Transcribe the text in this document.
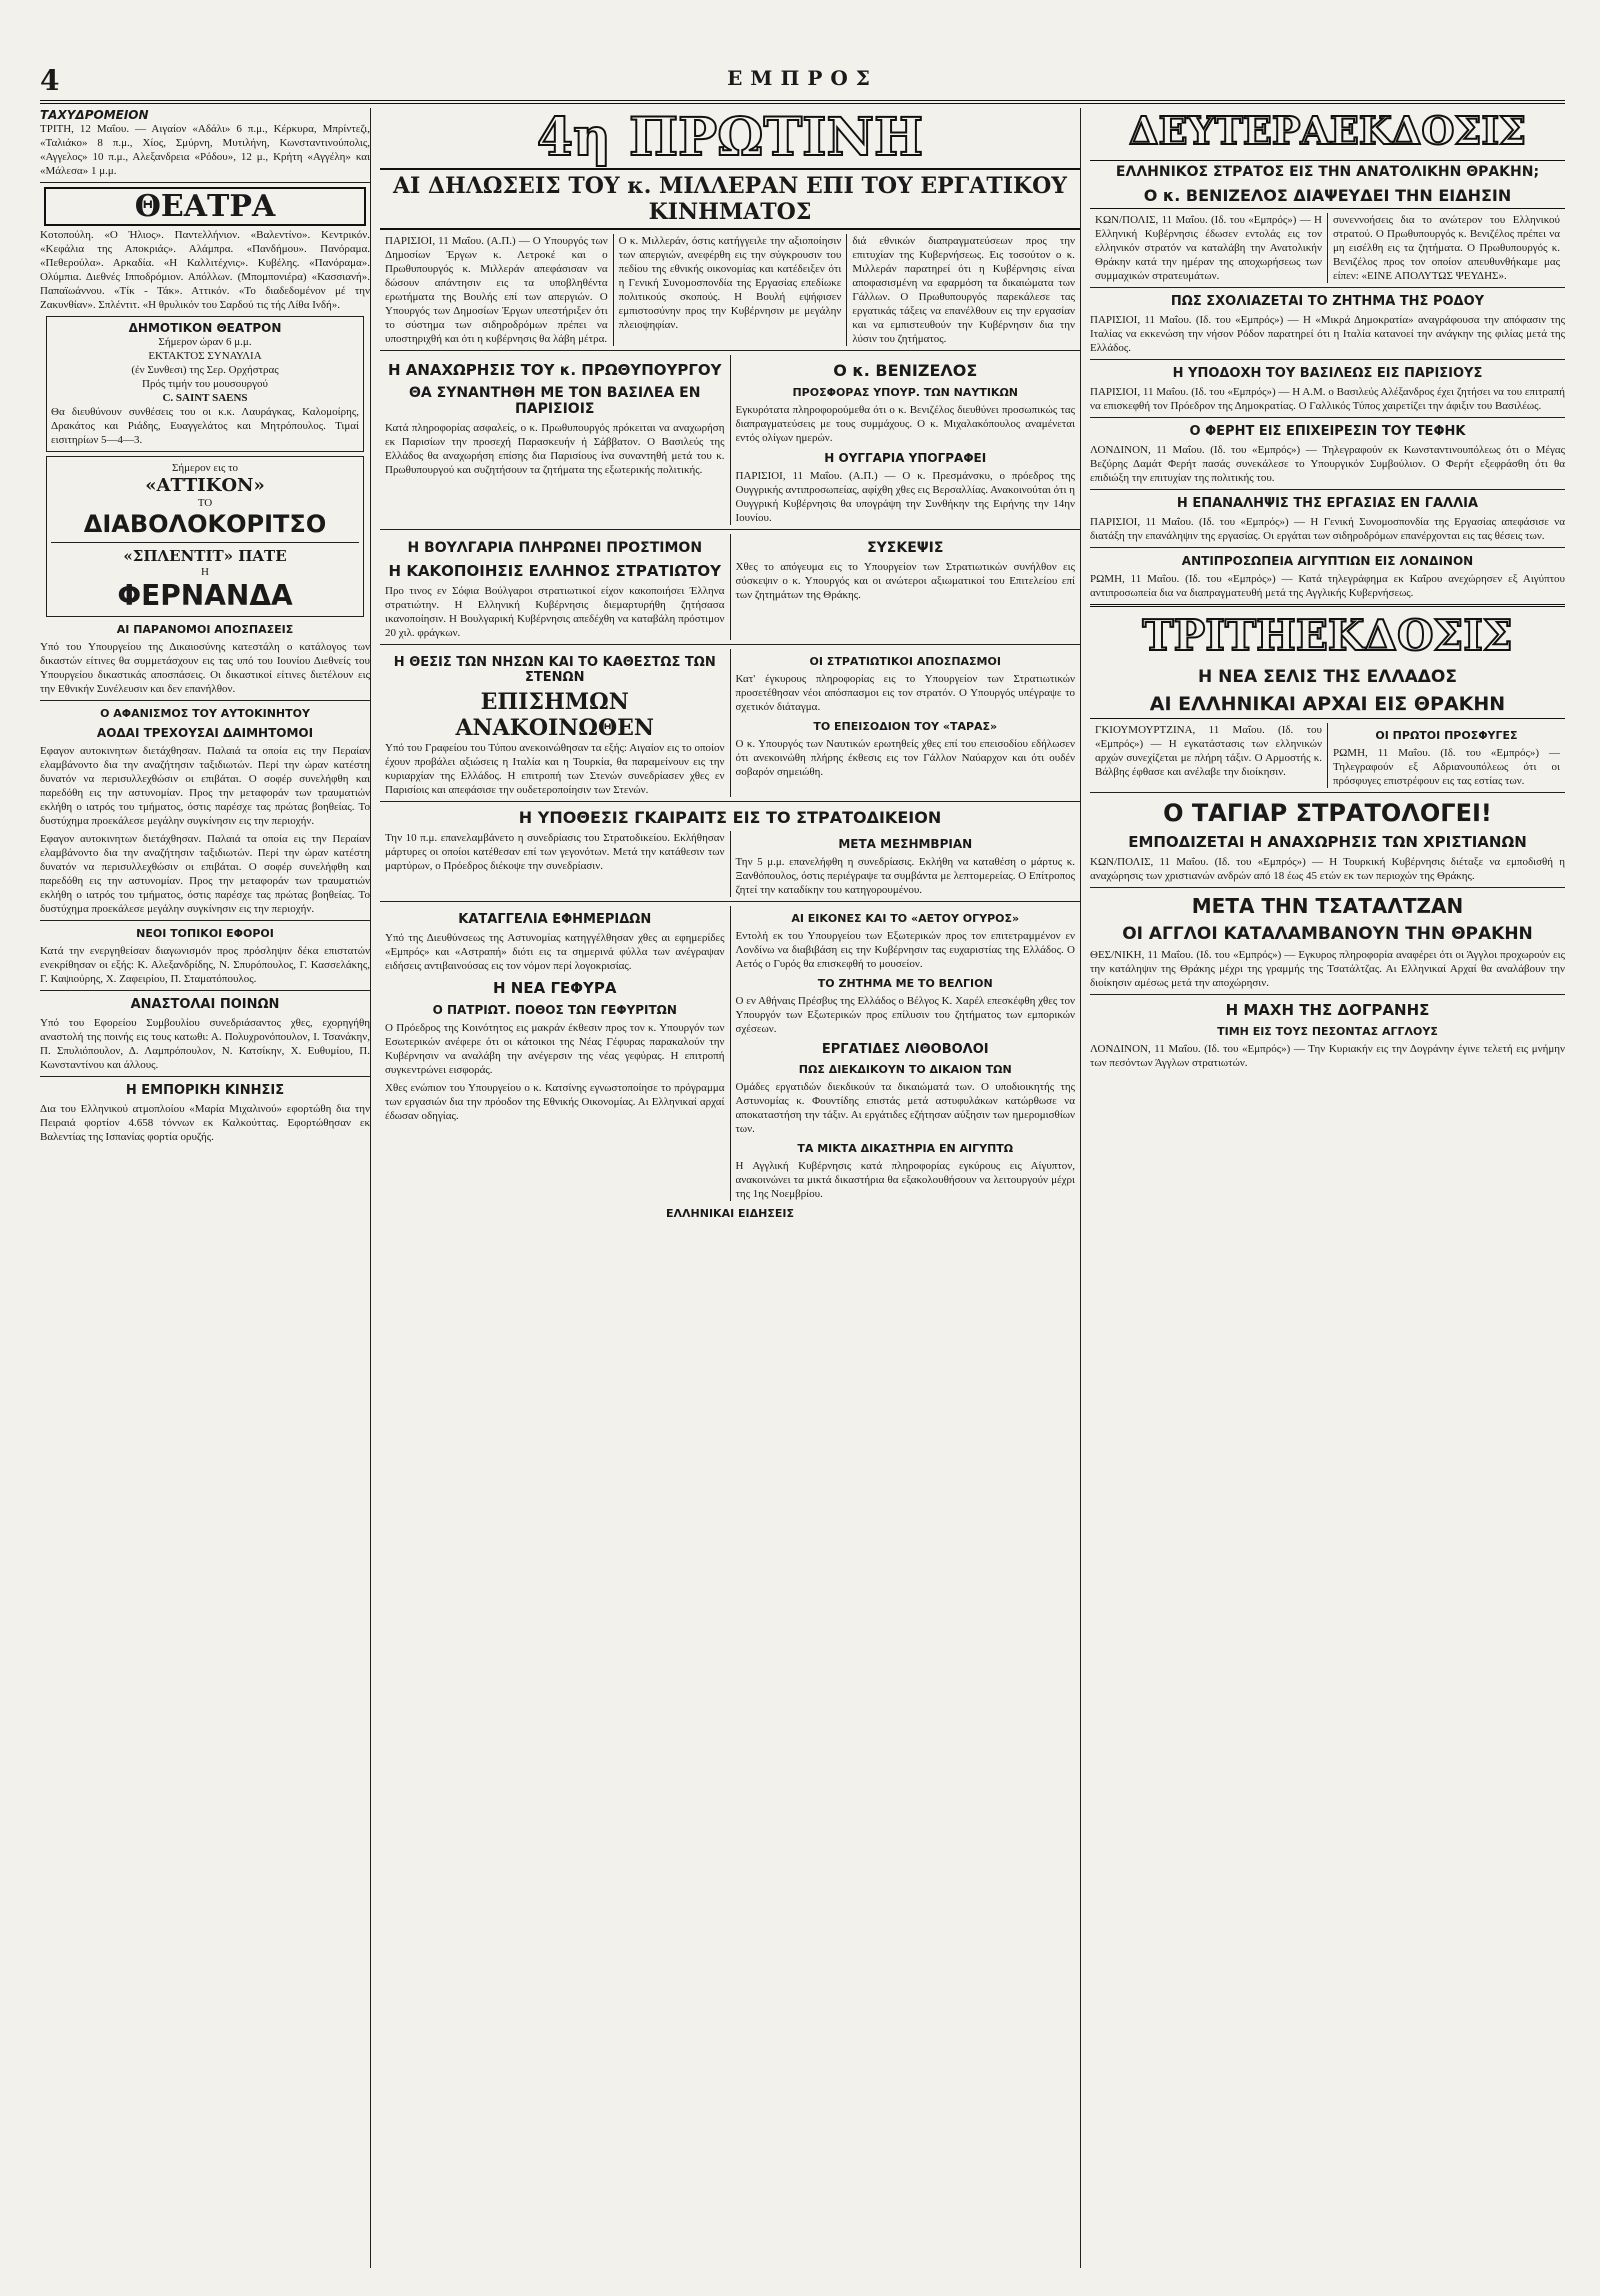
4	ΕΜΠΡΟΣ
ΤΑΧΥΔΡΟΜΕΙΟΝ
ΤΡΙΤΗ, 12 Μαΐου. — Αιγαίον «Αδάλι» 6 π.μ., Κέρκυρα, Μπρίντεζι, «Ταλιάκο» 8 π.μ., Χίος, Σμύρνη, Μυτιλήνη, Κωνσταντινούπολις, «Αγγελος» 10 π.μ., Αλεξανδρεια «Ρόδου», 12 μ., Κρήτη «Αγγέλη» και «Μάλεσα» 1 μ.μ.
ΘΕΑΤΡΑ
Κοτοπούλη. «Ο Ήλιος». Παντελλήνιον. «Βαλεντίνο». Κεντρικόν. «Κεφάλια της Αποκριάς». Αλάμπρα. «Πανδήμου». Πανόραμα. «Πεθερούλα». Αρκαδία. «Η Καλλιτέχνις». Κυβέλης. «Πανόραμα». Ολύμπια. Διεθνές Ιπποδρόμιον. Απόλλων. (Μπομπονιέρα) «Κασσιανή». Παπαϊωάννου. «Τίκ - Τάκ». Αττικόν. «Το διαδεδομένον μέ την Ζακυνθίαν». Σπλέντιτ. «Η θρυλικόν του Σαρδού τις τής Λίθα Ινδή».
ΔΗΜΟΤΙΚΟΝ ΘΕΑΤΡΟΝ
Σήμερον ώραν 6 μ.μ.
ΕΚΤΑΚΤΟΣ ΣΥΝΑΥΛΙΑ
(ἐν Συνθεσι) της Σερ. Ορχήστρας
Πρός τιμήν του μουσουργού
C. SAINT SAENS
Θα διευθύνουν συνθέσεις του οι κ.κ. Λαυράγκας, Καλομοίρης, Δρακάτος και Ριάδης, Ευαγγελάτος και Μητρόπουλος. Τιμαί εισιτηρίων 5—4—3.
Σήμερον εις το
«ΑΤΤΙΚΟΝ»
ΤΟ
ΔΙΑΒΟΛΟΚΟΡΙΤΣΟ
«ΣΠΛΕΝΤΙΤ» ΠΑΤΕ
Η
ΦΕΡΝΑΝΔΑ
ΑΙ ΠΑΡΑΝΟΜΟΙ ΑΠΟΣΠΑΣΕΙΣ
Υπό του Υπουργείου της Δικαιοσύνης κατεστάλη ο κατάλογος των δικαστών είτινες θα συμμετάσχουν εις τας υπό του Ιουνίου Διεθνείς του Υπουργείου δικαστικάς αποσπάσεις. Οι δικαστικοί είτινες διετέλουν εις την Εθνικήν Συνέλευσιν και δεν επανήλθον.
Ο ΑΦΑΝΙΣΜΟΣ ΤΟΥ ΑΥΤΟΚΙΝΗΤΟΥ
ΑΟΔΑΙ ΤΡΕΧΟΥΣΑΙ ΔΑΙΜΗΤΟΜΟΙ
Εφαγον αυτοκινητων διετάχθησαν. Παλαιά τα οποία εις την Περαίαν ελαμβάνοντο δια την αναζήτησιν ταξιδιωτών. Περί την ώραν κατέστη δυνατόν να περισυλλεχθώσιν οι επιβάται. Ο σοφέρ συνελήφθη και παρεδόθη εις την αστυνομίαν. Προς την μεταφοράν των τραυματιών εκλήθη ο ιατρός του τμήματος, όστις παρέσχε τας πρώτας βοηθείας. Το δυστύχημα προεκάλεσε μεγάλην συγκίνησιν εις την περιοχήν.
Εφαγον αυτοκινητων διετάχθησαν. Παλαιά τα οποία εις την Περαίαν ελαμβάνοντο δια την αναζήτησιν ταξιδιωτών. Περί την ώραν κατέστη δυνατόν να περισυλλεχθώσιν οι επιβάται. Ο σοφέρ συνελήφθη και παρεδόθη εις την αστυνομίαν. Προς την μεταφοράν των τραυματιών εκλήθη ο ιατρός του τμήματος, όστις παρέσχε τας πρώτας βοηθείας. Το δυστύχημα προεκάλεσε μεγάλην συγκίνησιν εις την περιοχήν.
ΝΕΟΙ ΤΟΠΙΚΟΙ ΕΦΟΡΟΙ
Κατά την ενεργηθείσαν διαγωνισμόν προς πρόσληψιν δέκα επιστατών ενεκρίθησαν οι εξής: Κ. Αλεξανδρίδης, Ν. Σπυρόπουλος, Γ. Κασσελάκης, Γ. Καψιούρης, Χ. Ζαφειρίου, Π. Σταματόπουλος.
ΑΝΑΣΤΟΛΑΙ ΠΟΙΝΩΝ
Υπό του Εφορείου Συμβουλίου συνεδριάσαντος χθες, εχορηγήθη αναστολή της ποινής εις τους κατωθι: Α. Πολυχρονόπουλον, Ι. Τσανάκην, Π. Σπυλιόπουλον, Δ. Λαμπρόπουλον, Ν. Κατσίκην, Χ. Ευθυμίου, Π. Κωνσταντίνου και άλλους.
Η ΕΜΠΟΡΙΚΗ ΚΙΝΗΣΙΣ
Δια του Ελληνικού ατμοπλοίου «Μαρία Μιχαλινού» εφορτώθη δια την Πειραιά φορτίον 4.658 τόννων εκ Καλκούττας. Εφορτώθησαν εκ Βαλεντίας της Ισπανίας φορτία ορυζής.
4η ΠΡΩΤΙΝΗ
ΑΙ ΔΗΛΩΣΕΙΣ ΤΟΥ κ. ΜΙΛΛΕΡΑΝ ΕΠΙ ΤΟΥ ΕΡΓΑΤΙΚΟΥ ΚΙΝΗΜΑΤΟΣ
ΠΑΡΙΣΙΟΙ, 11 Μαΐου. (Α.Π.) — Ο Υπουργός των Δημοσίων Έργων κ. Λετροκέ και ο Πρωθυπουργός κ. Μιλλεράν απεφάσισαν να δώσουν απάντησιν εις τα υποβληθέντα ερωτήματα της Βουλής επί των απεργιών. Ο Υπουργός των Δημοσίων Έργων υπεστήριξεν ότι το σύστημα των σιδηροδρόμων πρέπει να υποστηριχθή και ότι η κυβέρνησις θα λάβη μέτρα.
Ο κ. Μιλλεράν, όστις κατήγγειλε την αξιοποίησιν των απεργιών, ανεφέρθη εις την σύγκρουσιν του πεδίου της εθνικής οικονομίας και κατέδειξεν ότι η Γενική Συνομοσπονδία της Εργασίας επεδίωκε πολιτικούς σκοπούς. Η Βουλή εψήφισεν εμπιστοσύνην προς την Κυβέρνησιν με μεγάλην πλειοψηφίαν.
διά εθνικών διαπραγματεύσεων προς την επιτυχίαν της Κυβερνήσεως. Εις τοσούτον ο κ. Μιλλεράν παρατηρεί ότι η Κυβέρνησις είναι αποφασισμένη να εφαρμόση τα δικαιώματα των Γάλλων. Ο Πρωθυπουργός παρεκάλεσε τας εργατικάς τάξεις να επανέλθουν εις την εργασίαν και να εμπιστευθούν την Κυβέρνησιν δια την λύσιν του ζητήματος.
Η ΑΝΑΧΩΡΗΣΙΣ ΤΟΥ κ. ΠΡΩΘΥΠΟΥΡΓΟΥ
ΘΑ ΣΥΝΑΝΤΗΘΗ ΜΕ ΤΟΝ ΒΑΣΙΛΕΑ ΕΝ ΠΑΡΙΣΙΟΙΣ
Κατά πληροφορίας ασφαλείς, ο κ. Πρωθυπουργός πρόκειται να αναχωρήση εκ Παρισίων την προσεχή Παρασκευήν ή Σάββατον. Ο Βασιλεύς της Ελλάδος θα αναχωρήση επίσης δια Παρισίους ίνα συναντηθή μετά του κ. Πρωθυπουργού και συζητήσουν τα ζητήματα της εξωτερικής πολιτικής.
Ο κ. ΒΕΝΙΖΕΛΟΣ
ΠΡΟΣΦΟΡΑΣ ΥΠΟΥΡ. ΤΩΝ ΝΑΥΤΙΚΩΝ
Εγκυρότατα πληροφορούμεθα ότι ο κ. Βενιζέλος διευθύνει προσωπικώς τας διαπραγματεύσεις με τους συμμάχους. Ο κ. Μιχαλακόπουλος αναμένεται εντός ολίγων ημερών.
Η ΟΥΓΓΑΡΙΑ ΥΠΟΓΡΑΦΕΙ
ΠΑΡΙΣΙΟΙ, 11 Μαΐου. (Α.Π.) — Ο κ. Πρεσμάνσκυ, ο πρόεδρος της Ουγγρικής αντιπροσωπείας, αφίχθη χθες εις Βερσαλλίας. Ανακοινούται ότι η Ουγγρική Κυβέρνησις θα υπογράψη την Συνθήκην της Ειρήνης την 14ην Ιουνίου.
Η ΒΟΥΛΓΑΡΙΑ ΠΛΗΡΩΝΕΙ ΠΡΟΣΤΙΜΟΝ
Η ΚΑΚΟΠΟΙΗΣΙΣ ΕΛΛΗΝΟΣ ΣΤΡΑΤΙΩΤΟΥ
Προ τινος εν Σόφια Βούλγαροι στρατιωτικοί είχον κακοποιήσει Έλληνα στρατιώτην. Η Ελληνική Κυβέρνησις διεμαρτυρήθη ζητήσασα ικανοποίησιν. Η Βουλγαρική Κυβέρνησις απεδέχθη να καταβάλη πρόστιμον 20 χιλ. φράγκων.
ΣΥΣΚΕΨΙΣ
Χθες το απόγευμα εις το Υπουργείον των Στρατιωτικών συνήλθον εις σύσκεψιν ο κ. Υπουργός και οι ανώτεροι αξιωματικοί του Επιτελείου επί των ζητημάτων της Θράκης.
Η ΘΕΣΙΣ ΤΩΝ ΝΗΣΩΝ ΚΑΙ ΤΟ ΚΑΘΕΣΤΩΣ ΤΩΝ ΣΤΕΝΩΝ
ΕΠΙΣΗΜΩΝ ΑΝΑΚΟΙΝΩΘΕΝ
Υπό του Γραφείου του Τύπου ανεκοινώθησαν τα εξής: Αιγαίον εις το οποίον έχουν προβάλει αξιώσεις η Ιταλία και η Τουρκία, θα παραμείνουν εις την κυριαρχίαν της Ελλάδος. Η επιτροπή των Στενών συνεδρίασεν χθες εν Παρισίοις και απεφάσισε την ουδετεροποίησιν των Στενών.
ΟΙ ΣΤΡΑΤΙΩΤΙΚΟΙ ΑΠΟΣΠΑΣΜΟΙ
Κατ' έγκυρους πληροφορίας εις το Υπουργείον των Στρατιωτικών προσετέθησαν νέοι απόσπασμοι εις τον στρατόν. Ο Υπουργός υπέγραψε το σχετικόν διάταγμα.
ΤΟ ΕΠΕΙΣΟΔΙΟΝ ΤΟΥ «ΤΑΡΑΣ»
Ο κ. Υπουργός των Ναυτικών ερωτηθείς χθες επί του επεισοδίου εδήλωσεν ότι ανεκοινώθη πλήρης έκθεσις εις τον Γάλλον Ναύαρχον και ότι ουδέν σοβαρόν σημειώθη.
Η ΥΠΟΘΕΣΙΣ ΓΚΑΙΡΑΙΤΣ ΕΙΣ ΤΟ ΣΤΡΑΤΟΔΙΚΕΙΟΝ
Την 10 π.μ. επανελαμβάνετο η συνεδρίασις του Στρατοδικείου. Εκλήθησαν μάρτυρες οι οποίοι κατέθεσαν επί των γεγονότων. Μετά την κατάθεσιν των μαρτύρων, ο Πρόεδρος διέκοψε την συνεδρίασιν.
ΜΕΤΑ ΜΕΣΗΜΒΡΙΑΝ
Την 5 μ.μ. επανελήφθη η συνεδρίασις. Εκλήθη να καταθέση ο μάρτυς κ. Ξανθόπουλος, όστις περιέγραψε τα συμβάντα με λεπτομερείας. Ο Επίτροπος ζητεί την καταδίκην του κατηγορουμένου.
ΚΑΤΑΓΓΕΛΙΑ ΕΦΗΜΕΡΙΔΩΝ
Υπό της Διευθύνσεως της Αστυνομίας κατηγγέλθησαν χθες αι εφημερίδες «Εμπρός» και «Αστραπή» διότι εις τα σημερινά φύλλα των ανέγραψαν ειδήσεις αντιβαινούσας εις τον νόμον περί λογοκρισίας.
Η ΝΕΑ ΓΕΦΥΡΑ
Ο ΠΑΤΡΙΩΤ. ΠΟΘΟΣ ΤΩΝ ΓΕΦΥΡΙΤΩΝ
Ο Πρόεδρος της Κοινότητος εις μακράν έκθεσιν προς τον κ. Υπουργόν των Εσωτερικών ανέφερε ότι οι κάτοικοι της Νέας Γέφυρας παρακαλούν την Κυβέρνησιν να αναλάβη την ανέγερσιν της νέας γεφύρας. Η επιτροπή συγκεντρώνει εισφοράς.
Χθες ενώπιον του Υπουργείου ο κ. Κατσίνης εγνωστοποίησε το πρόγραμμα των εργασιών δια την πρόοδον της Εθνικής Οικονομίας. Αι Ελληνικαί αρχαί έδωσαν οδηγίας.
ΑΙ ΕΙΚΟΝΕΣ ΚΑΙ ΤΟ «ΑΕΤΟΥ ΟΓΥΡΟΣ»
Εντολή εκ του Υπουργείου των Εξωτερικών προς τον επιτετραμμένον εν Λονδίνω να διαβιβάση εις την Κυβέρνησιν τας ευχαριστίας της Ελλάδος. Ο Αετός ο Γυρός θα επισκεφθή το μουσείον.
ΤΟ ΖΗΤΗΜΑ ΜΕ ΤΟ ΒΕΛΓΙΟΝ
Ο εν Αθήναις Πρέσβυς της Ελλάδος ο Βέλγος Κ. Χαρέλ επεσκέφθη χθες τον Υπουργόν των Εξωτερικών προς επίλυσιν του ζητήματος των εμπορικών σχέσεων.
ΕΡΓΑΤΙΔΕΣ ΛΙΘΟΒΟΛΟΙ
ΠΩΣ ΔΙΕΚΔΙΚΟΥΝ ΤΟ ΔΙΚΑΙΟΝ ΤΩΝ
Ομάδες εργατιδών διεκδικούν τα δικαιώματά των. Ο υποδιοικητής της Αστυνομίας κ. Φουντίδης επιστάς μετά αστυφυλάκων κατώρθωσε να αποκαταστήση την τάξιν. Αι εργάτιδες εζήτησαν αύξησιν των ημερομισθίων των.
ΤΑ ΜΙΚΤΑ ΔΙΚΑΣΤΗΡΙΑ ΕΝ ΑΙΓΥΠΤΩ
Η Αγγλική Κυβέρνησις κατά πληροφορίας εγκύρους εις Αίγυπτον, ανακοινώνει τα μικτά δικαστήρια θα εξακολουθήσουν να λειτουργούν μέχρι της 1ης Νοεμβρίου.
ΕΛΛΗΝΙΚΑΙ ΕΙΔΗΣΕΙΣ
ΔΕΥΤΕΡΑΕΚΔΟΣΙΣ
ΕΛΛΗΝΙΚΟΣ ΣΤΡΑΤΟΣ ΕΙΣ ΤΗΝ ΑΝΑΤΟΛΙΚΗΝ ΘΡΑΚΗΝ;
Ο κ. ΒΕΝΙΖΕΛΟΣ ΔΙΑΨΕΥΔΕΙ ΤΗΝ ΕΙΔΗΣΙΝ
ΚΩΝ/ΠΟΛΙΣ, 11 Μαΐου. (Ιδ. του «Εμπρός») — Η Ελληνική Κυβέρνησις έδωσεν εντολάς εις τον ελληνικόν στρατόν να καταλάβη την Ανατολικήν Θράκην κατά την ημέραν της αποχωρήσεως των συμμαχικών στρατευμάτων.
συνεννοήσεις δια το ανώτερον του Ελληνικού στρατού. Ο Πρωθυπουργός κ. Βενιζέλος πρέπει να μη εισέλθη εις τα ζητήματα. Ο Πρωθυπουργός κ. Βενιζέλος προς τον οποίον απευθυνθήκαμε μας είπεν: «ΕΙΝΕ ΑΠΟΛΥΤΩΣ ΨΕΥΔΗΣ».
ΠΩΣ ΣΧΟΛΙΑΖΕΤΑΙ ΤΟ ΖΗΤΗΜΑ ΤΗΣ ΡΟΔΟΥ
ΠΑΡΙΣΙΟΙ, 11 Μαΐου. (Ιδ. του «Εμπρός») — Η «Μικρά Δημοκρατία» αναγράφουσα την απόφασιν της Ιταλίας να εκκενώση την νήσον Ρόδον παρατηρεί ότι η Ιταλία κατανοεί την ανάγκην της φιλίας μετά της Ελλάδος.
Η ΥΠΟΔΟΧΗ ΤΟΥ ΒΑΣΙΛΕΩΣ ΕΙΣ ΠΑΡΙΣΙΟΥΣ
ΠΑΡΙΣΙΟΙ, 11 Μαΐου. (Ιδ. του «Εμπρός») — Η Α.Μ. ο Βασιλεύς Αλέξανδρος έχει ζητήσει να του επιτραπή να επισκεφθή τον Πρόεδρον της Δημοκρατίας. Ο Γαλλικός Τύπος χαιρετίζει την άφιξιν του Βασιλέως.
Ο ΦΕΡΗΤ ΕΙΣ ΕΠΙΧΕΙΡΕΣΙΝ ΤΟΥ ΤΕΦΗΚ
ΛΟΝΔΙΝΟΝ, 11 Μαΐου. (Ιδ. του «Εμπρός») — Τηλεγραφούν εκ Κωνσταντινουπόλεως ότι ο Μέγας Βεζύρης Δαμάτ Φερήτ πασάς συνεκάλεσε το Υπουργικόν Συμβούλιον. Ο Φερήτ εξεφράσθη ότι θα επιδιώξη την επιτυχίαν της πολιτικής του.
Η ΕΠΑΝΑΛΗΨΙΣ ΤΗΣ ΕΡΓΑΣΙΑΣ ΕΝ ΓΑΛΛΙΑ
ΠΑΡΙΣΙΟΙ, 11 Μαΐου. (Ιδ. του «Εμπρός») — Η Γενική Συνομοσπονδία της Εργασίας απεφάσισε να διατάξη την επανάληψιν της εργασίας. Οι εργάται των σιδηροδρόμων επανέρχονται εις τας θέσεις των.
ΑΝΤΙΠΡΟΣΩΠΕΙΑ ΑΙΓΥΠΤΙΩΝ ΕΙΣ ΛΟΝΔΙΝΟΝ
ΡΩΜΗ, 11 Μαΐου. (Ιδ. του «Εμπρός») — Κατά τηλεγράφημα εκ Καΐρου ανεχώρησεν εξ Αιγύπτου αντιπροσωπεία δια να διαπραγματευθή μετά της Αγγλικής Κυβερνήσεως.
ΤΡΙΤΗΕΚΔΟΣΙΣ
Η ΝΕΑ ΣΕΛΙΣ ΤΗΣ ΕΛΛΑΔΟΣ
ΑΙ ΕΛΛΗΝΙΚΑΙ ΑΡΧΑΙ ΕΙΣ ΘΡΑΚΗΝ
ΓΚΙΟΥΜΟΥΡΤΖΙΝΑ, 11 Μαΐου. (Ιδ. του «Εμπρός») — Η εγκατάστασις των ελληνικών αρχών συνεχίζεται με πλήρη τάξιν. Ο Αρμοστής κ. Βάλβης έφθασε και ανέλαβε την διοίκησιν.
ΟΙ ΠΡΩΤΟΙ ΠΡΟΣΦΥΓΕΣ
ΡΩΜΗ, 11 Μαΐου. (Ιδ. του «Εμπρός») — Τηλεγραφούν εξ Αδριανουπόλεως ότι οι πρόσφυγες επιστρέφουν εις τας εστίας των.
Ο ΤΑΓΙΑΡ ΣΤΡΑΤΟΛΟΓΕΙ!
ΕΜΠΟΔΙΖΕΤΑΙ Η ΑΝΑΧΩΡΗΣΙΣ ΤΩΝ ΧΡΙΣΤΙΑΝΩΝ
ΚΩΝ/ΠΟΛΙΣ, 11 Μαΐου. (Ιδ. του «Εμπρός») — Η Τουρκική Κυβέρνησις διέταξε να εμποδισθή η αναχώρησις των χριστιανών ανδρών από 18 έως 45 ετών εκ των περιοχών της Θράκης.
ΜΕΤΑ ΤΗΝ ΤΣΑΤΑΛΤΖΑΝ
ΟΙ ΑΓΓΛΟΙ ΚΑΤΑΛΑΜΒΑΝΟΥΝ ΤΗΝ ΘΡΑΚΗΝ
ΘΕΣ/ΝΙΚΗ, 11 Μαΐου. (Ιδ. του «Εμπρός») — Εγκυρος πληροφορία αναφέρει ότι οι Άγγλοι προχωρούν εις την κατάληψιν της Θράκης μέχρι της γραμμής της Τσατάλτζας. Αι Ελληνικαί Αρχαί θα αναλάβουν την διοίκησιν αμέσως μετά την αποχώρησιν.
Η ΜΑΧΗ ΤΗΣ ΔΟΓΡΑΝΗΣ
ΤΙΜΗ ΕΙΣ ΤΟΥΣ ΠΕΣΟΝΤΑΣ ΑΓΓΛΟΥΣ
ΛΟΝΔΙΝΟΝ, 11 Μαΐου. (Ιδ. του «Εμπρός») — Την Κυριακήν εις την Δογράνην έγινε τελετή εις μνήμην των πεσόντων Άγγλων στρατιωτών.
